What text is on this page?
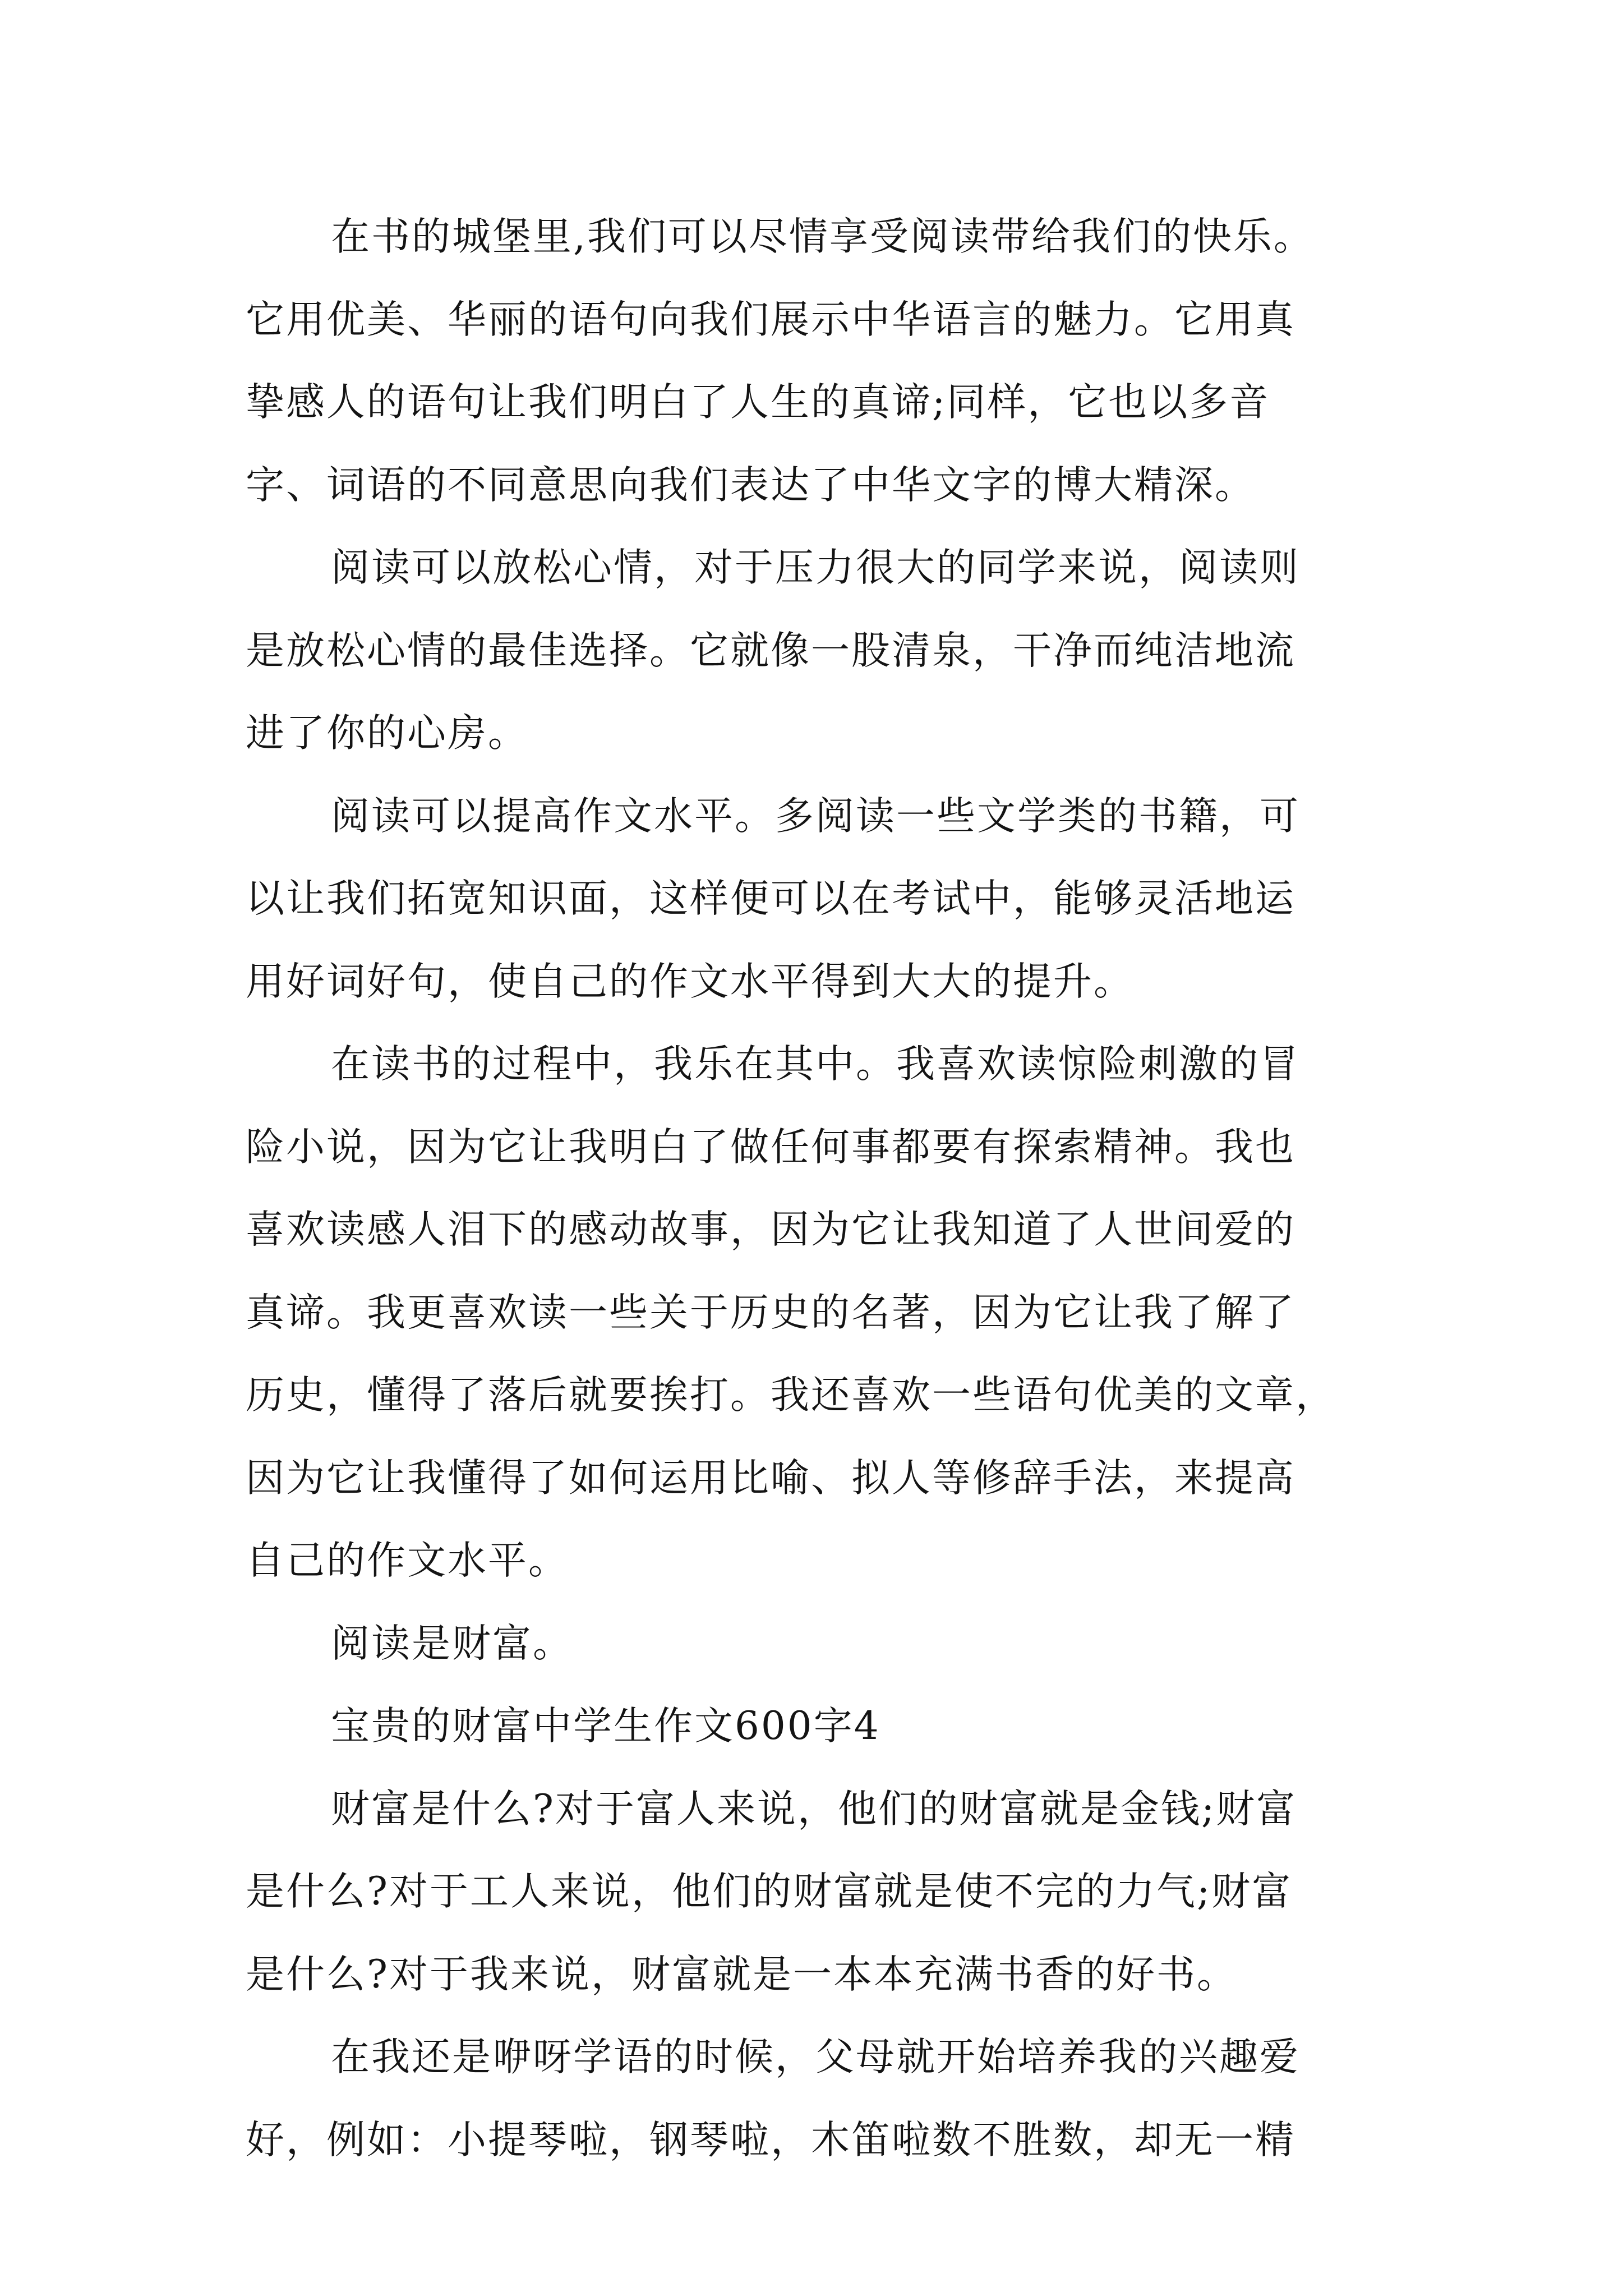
在书的城堡里,我们可以尽情享受阅读带给我们的快乐。
它用优美、华丽的语句向我们展示中华语言的魅力。它用真
挚感人的语句让我们明白了人生的真谛;同样，它也以多音
字、词语的不同意思向我们表达了中华文字的博大精深。
阅读可以放松心情，对于压力很大的同学来说，阅读则
是放松心情的最佳选择。它就像一股清泉，干净而纯洁地流
进了你的心房。
阅读可以提高作文水平。多阅读一些文学类的书籍，可
以让我们拓宽知识面，这样便可以在考试中，能够灵活地运
用好词好句，使自己的作文水平得到大大的提升。
在读书的过程中，我乐在其中。我喜欢读惊险刺激的冒
险小说，因为它让我明白了做任何事都要有探索精神。我也
喜欢读感人泪下的感动故事，因为它让我知道了人世间爱的
真谛。我更喜欢读一些关于历史的名著，因为它让我了解了
历史，懂得了落后就要挨打。我还喜欢一些语句优美的文章，
因为它让我懂得了如何运用比喻、拟人等修辞手法，来提高
自己的作文水平。
阅读是财富。
宝贵的财富中学生作文600字4
财富是什么?对于富人来说，他们的财富就是金钱;财富
是什么?对于工人来说，他们的财富就是使不完的力气;财富
是什么?对于我来说，财富就是一本本充满书香的好书。
在我还是咿呀学语的时候，父母就开始培养我的兴趣爱
好，例如：小提琴啦，钢琴啦，木笛啦数不胜数，却无一精
